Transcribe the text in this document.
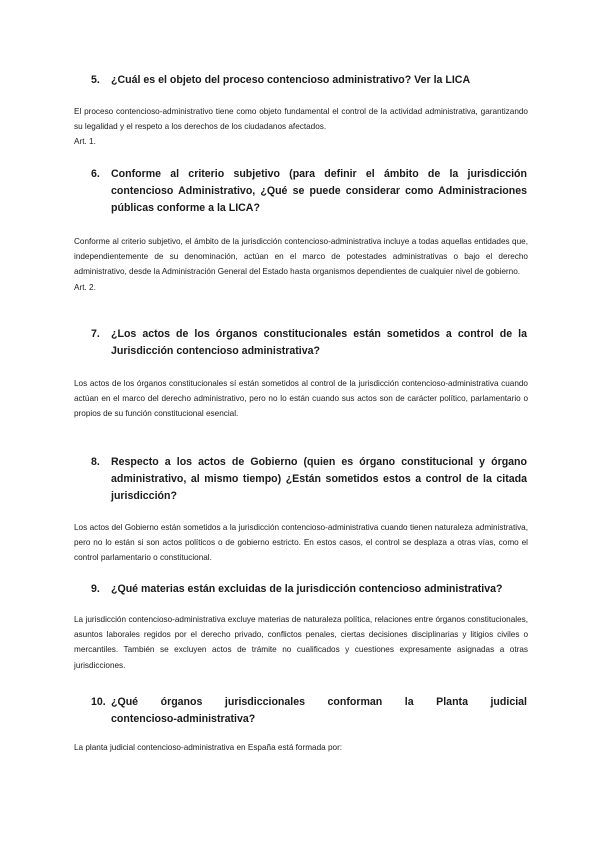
5. ¿Cuál es el objeto del proceso contencioso administrativo? Ver la LICA
El proceso contencioso-administrativo tiene como objeto fundamental el control de la actividad administrativa, garantizando su legalidad y el respeto a los derechos de los ciudadanos afectados.
Art. 1.
6. Conforme al criterio subjetivo (para definir el ámbito de la jurisdicción contencioso Administrativo, ¿Qué se puede considerar como Administraciones públicas conforme a la LICA?
Conforme al criterio subjetivo, el ámbito de la jurisdicción contencioso-administrativa incluye a todas aquellas entidades que, independientemente de su denominación, actúan en el marco de potestades administrativas o bajo el derecho administrativo, desde la Administración General del Estado hasta organismos dependientes de cualquier nivel de gobierno.
Art. 2.
7. ¿Los actos de los órganos constitucionales están sometidos a control de la Jurisdicción contencioso administrativa?
Los actos de los órganos constitucionales sí están sometidos al control de la jurisdicción contencioso-administrativa cuando actúan en el marco del derecho administrativo, pero no lo están cuando sus actos son de carácter político, parlamentario o propios de su función constitucional esencial.
8. Respecto a los actos de Gobierno (quien es órgano constitucional y órgano administrativo, al mismo tiempo) ¿Están sometidos estos a control de la citada jurisdicción?
Los actos del Gobierno están sometidos a la jurisdicción contencioso-administrativa cuando tienen naturaleza administrativa, pero no lo están si son actos políticos o de gobierno estricto. En estos casos, el control se desplaza a otras vías, como el control parlamentario o constitucional.
9. ¿Qué materias están excluidas de la jurisdicción contencioso administrativa?
La jurisdicción contencioso-administrativa excluye materias de naturaleza política, relaciones entre órganos constitucionales, asuntos laborales regidos por el derecho privado, conflictos penales, ciertas decisiones disciplinarias y litigios civiles o mercantiles. También se excluyen actos de trámite no cualificados y cuestiones expresamente asignadas a otras jurisdicciones.
10. ¿Qué órganos jurisdiccionales conforman la Planta judicial
contencioso-administrativa?
La planta judicial contencioso-administrativa en España está formada por:
